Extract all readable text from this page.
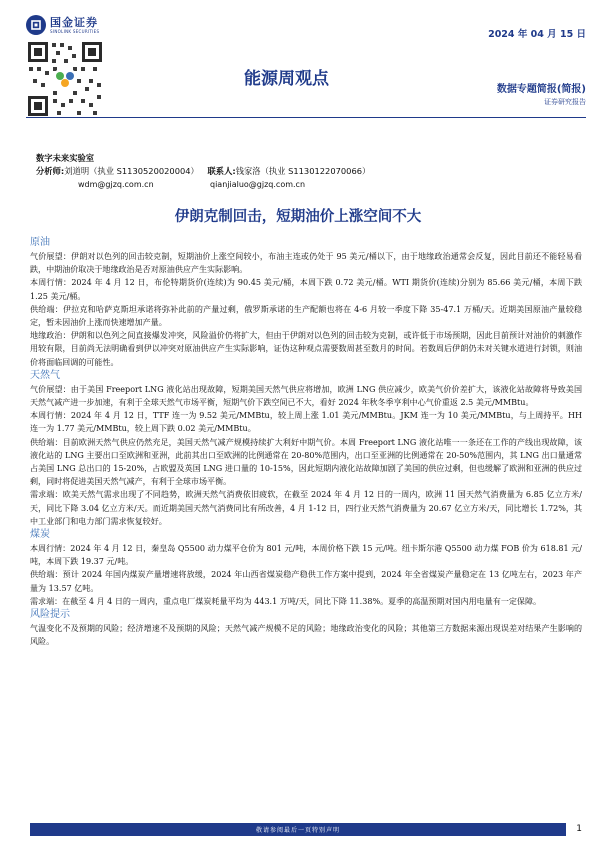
国金证券
SINOLINK SECURITIES	2024 年 04 月 15 日
能源周观点
数据专题简报(简报)
证券研究报告
数字未来实验室
分析师:刘道明（执业 S1130520020004） 联系人:钱家洛（执业 S1130122070066）
wdm@gjzq.com.cn	qianjialuo@gjzq.com.cn
伊朗克制回击，短期油价上涨空间不大
原油

气价展望：伊朗对以色列的回击较克制，短期油价上涨空间较小，布油主连或仍处于 95 美元/桶以下，由于地缘政治通常会反复，因此目前还不能轻易看跌，中期油价取决于地缘政治是否对原油供应产生实际影响。

本周行情：2024 年 4 月 12 日，布伦特期货价(连续)为 90.45 美元/桶，本周下跌 0.72 美元/桶。WTI 期货价(连续)分别为 85.66 美元/桶，本周下跌 1.25 美元/桶。

供给端：伊拉克和哈萨克斯坦承诺将弥补此前的产量过剩，俄罗斯承诺的生产配额也将在 4-6 月较一季度下降 35-47.1 万桶/天。近期美国原油产量较稳定，暂未因油价上涨而快速增加产量。

地缘政治：伊朗和以色列之间直接爆发冲突，风险溢价仍将扩大，但由于伊朗对以色列的回击较为克制，或许低于市场预期，因此目前预计对油价的刺激作用较有限，目前尚无法明确看到伊以冲突对原油供应产生实际影响，证伪这种观点需要数周甚至数月的时间。若数周后伊朗仍未对关键水道进行封锁，则油价将面临回调的可能性。

天然气

气价展望：由于美国 Freeport LNG 液化站出现故障，短期美国天然气供应将增加，欧洲 LNG 供应减少，欧美气价价差扩大，该液化站故障将导致美国天然气减产进一步加速，有利于全球天然气市场平衡，短期气价下跌空间已不大，看好 2024 年秋冬季亨利中心气价重返 2.5 美元/MMBtu。

本周行情：2024 年 4 月 12 日，TTF 连一为 9.52 美元/MMBtu，较上周上涨 1.01 美元/MMBtu。JKM 连一为 10 美元/MMBtu，与上周持平。HH 连一为 1.77 美元/MMBtu，较上周下跌 0.02 美元/MMBtu。

供给端：目前欧洲天然气供应仍然充足，美国天然气减产规模持续扩大利好中期气价。本周 Freeport LNG 液化站唯一一条还在工作的产线出现故障，该液化站的 LNG 主要出口至欧洲和亚洲，此前其出口至欧洲的比例通常在 20-80%范围内，出口至亚洲的比例通常在 20-50%范围内，其 LNG 出口量通常占美国 LNG 总出口的 15-20%，占欧盟及英国 LNG 进口量的 10-15%，因此短期内液化站故障加剧了美国的供应过剩，但也缓解了欧洲和亚洲的供应过剩，同时将促进美国天然气减产，有利于全球市场平衡。

需求端：欧美天然气需求出现了不同趋势，欧洲天然气消费依旧疲软，在截至 2024 年 4 月 12 日的一周内，欧洲 11 国天然气消费量为 6.85 亿立方米/天，同比下降 3.04 亿立方米/天。而近期美国天然气消费同比有所改善，4 月 1-12 日，四行业天然气消费量为 20.67 亿立方米/天，同比增长 1.72%，其中工业部门和电力部门需求恢复较好。

煤炭

本周行情：2024 年 4 月 12 日，秦皇岛 Q5500 动力煤平仓价为 801 元/吨，本周价格下跌 15 元/吨。纽卡斯尔港 Q5500 动力煤 FOB 价为 618.81 元/吨，本周下跌 19.37 元/吨。

供给端：预计 2024 年国内煤炭产量增速将放缓，2024 年山西省煤炭稳产稳供工作方案中提到，2024 年全省煤炭产量稳定在 13 亿吨左右，2023 年产量为 13.57 亿吨。

需求端：在截至 4 月 4 日的一周内，重点电厂煤炭耗量平均为 443.1 万吨/天，同比下降 11.38%。夏季的高温预期对国内用电量有一定保障。

风险提示

气温变化不及预期的风险；经济增速不及预期的风险；天然气减产规模不足的风险；地缘政治变化的风险；其他第三方数据来源出现误差对结果产生影响的风险。

敬请参阅最后一页特别声明	1
